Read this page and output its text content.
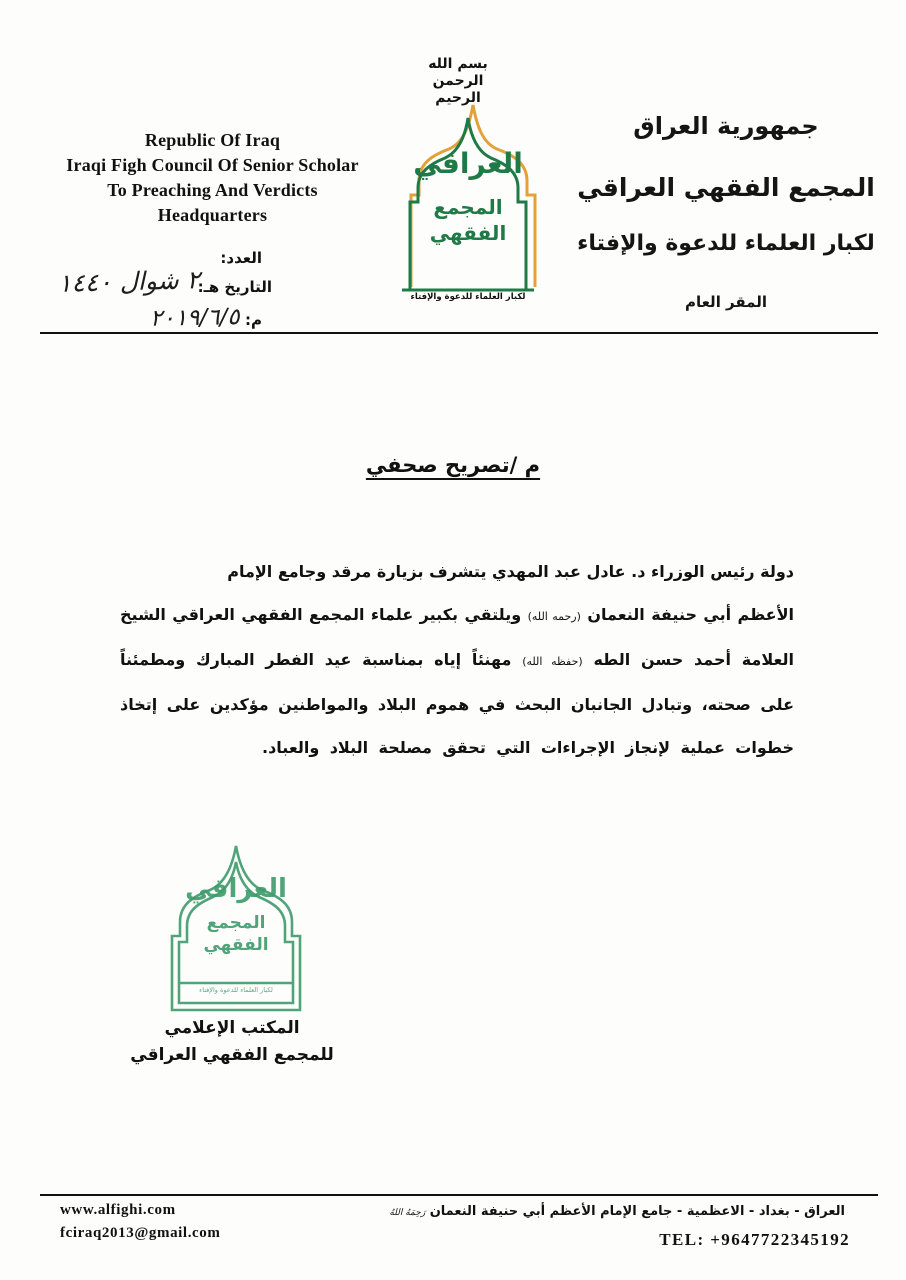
Republic Of Iraq
Iraqi Figh Council Of Senior Scholar
To Preaching And Verdicts
Headquarters
العدد:
التاريخ هـ:
٢ شوال ١٤٤٠
م:
٢٠١٩/٦/٥
بسم الله الرحمن الرحيم
العراقي
المجمع الفقهي
لكبار العلماء للدعوة والإفتاء
جمهورية العراق
المجمع الفقهي العراقي
لكبار العلماء للدعوة والإفتاء
المقر العام
م /تصريح صحفي
دولة رئيس الوزراء د. عادل عبد المهدي يتشرف بزيارة مرقد وجامع الإمام
الأعظم أبي حنيفة النعمان (رحمه الله) ويلتقي بكبير علماء المجمع الفقهي العراقي الشيخ
العلامة أحمد حسن الطه (حفظه الله) مهنئاً إياه بمناسبة عيد الفطر المبارك ومطمئناً
على صحته، وتبادل الجانبان البحث في هموم البلاد والمواطنين مؤكدين على إتخاذ
خطوات عملية لإنجاز الإجراءات التي تحقق مصلحة البلاد والعباد.
العراقي
المجمع الفقهي
لكبار العلماء للدعوة والإفتاء
المكتب الإعلامي
للمجمع الفقهي العراقي
www.alfighi.com
fciraq2013@gmail.com
العراق - بغداد - الاعظمية - جامع الإمام الأعظم أبي حنيفة النعمان رَحِمَهُ اللهُ
TEL: +9647722345192
